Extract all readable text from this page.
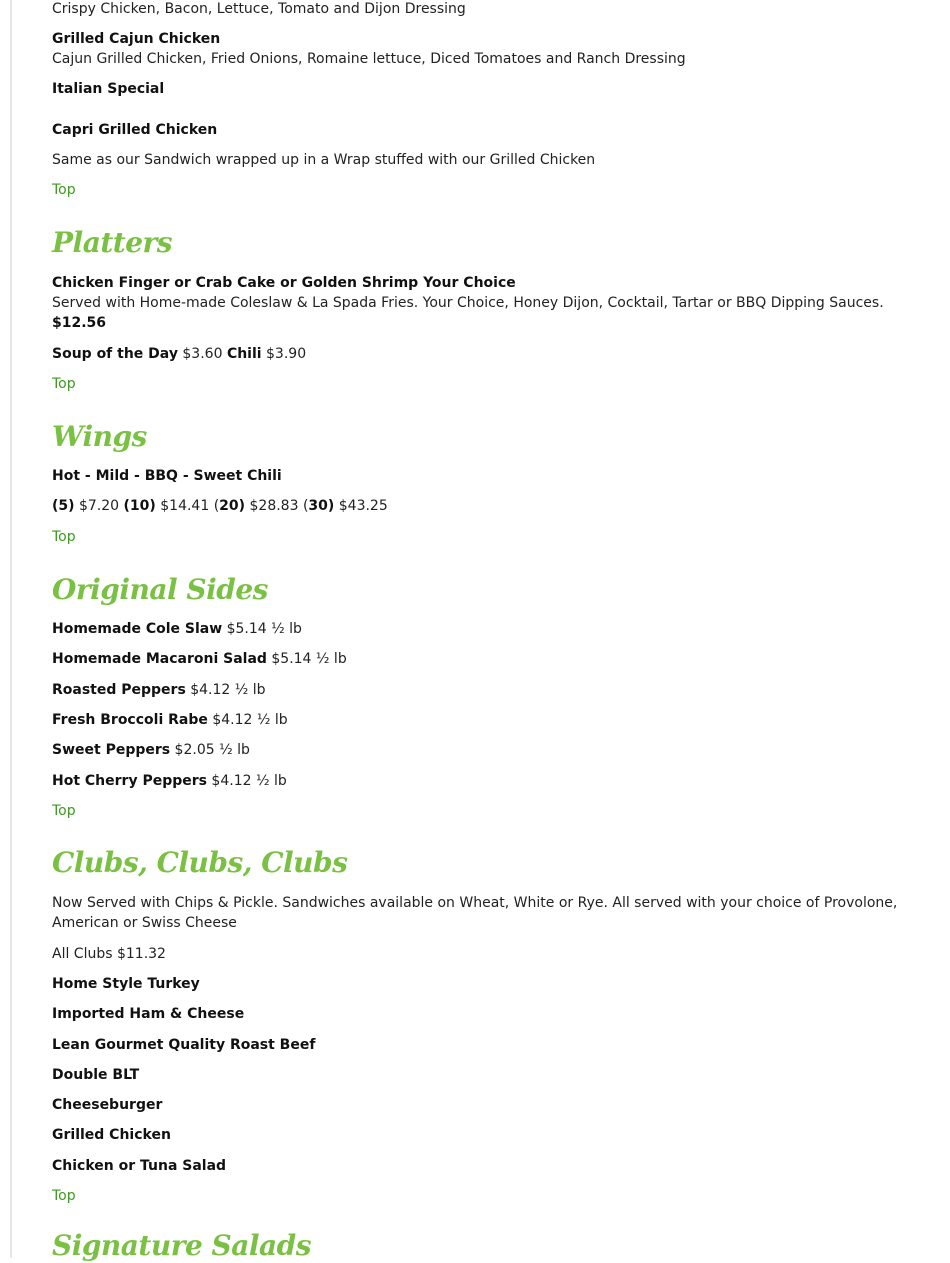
Crispy Chicken, Bacon, Lettuce, Tomato and Dijon Dressing
Grilled Cajun Chicken
Cajun Grilled Chicken, Fried Onions, Romaine lettuce, Diced Tomatoes and Ranch Dressing
Italian Special
Capri Grilled Chicken
Same as our Sandwich wrapped up in a Wrap stuffed with our Grilled Chicken
Top
Platters
Chicken Finger or Crab Cake or Golden Shrimp Your Choice
Served with Home-made Coleslaw & La Spada Fries. Your Choice, Honey Dijon, Cocktail, Tartar or BBQ Dipping Sauces.
$12.56
Soup of the Day $3.60 Chili $3.90
Top
Wings
Hot - Mild - BBQ - Sweet Chili
(5) $7.20 (10) $14.41 (20) $28.83 (30) $43.25
Top
Original Sides
Homemade Cole Slaw $5.14 ½ lb
Homemade Macaroni Salad $5.14 ½ lb
Roasted Peppers $4.12 ½ lb
Fresh Broccoli Rabe $4.12 ½ lb
Sweet Peppers $2.05 ½ lb
Hot Cherry Peppers $4.12 ½ lb
Top
Clubs, Clubs, Clubs
Now Served with Chips & Pickle. Sandwiches available on Wheat, White or Rye. All served with your choice of Provolone, American or Swiss Cheese
All Clubs $11.32
Home Style Turkey
Imported Ham & Cheese
Lean Gourmet Quality Roast Beef
Double BLT
Cheeseburger
Grilled Chicken
Chicken or Tuna Salad
Top
Signature Salads
